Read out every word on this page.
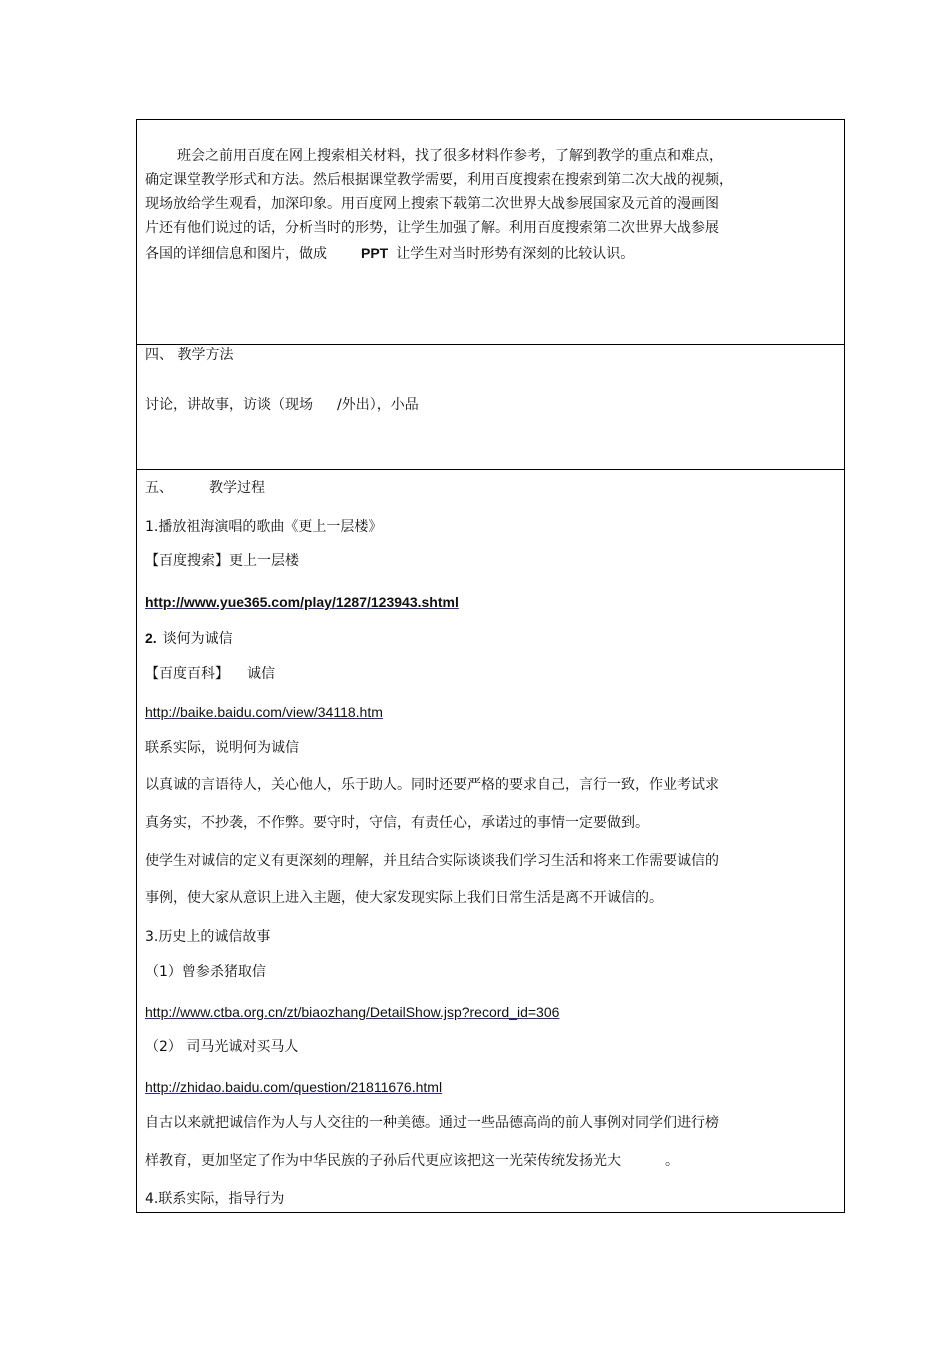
班会之前用百度在网上搜索相关材料，找了很多材料作参考，了解到教学的重点和难点，
确定课堂教学形式和方法。然后根据课堂教学需要，利用百度搜索在搜索到第二次大战的视频，
现场放给学生观看，加深印象。用百度网上搜索下载第二次世界大战参展国家及元首的漫画图
片还有他们说过的话，分析当时的形势，让学生加强了解。利用百度搜索第二次世界大战参展
各国的详细信息和图片，做成 PPT 让学生对当时形势有深刻的比较认识。
四、 教学方法
讨论，讲故事，访谈（现场 /外出），小品
五、	教学过程
1.播放祖海演唱的歌曲《更上一层楼》
【百度搜索】更上一层楼
http://www.yue365.com/play/1287/123943.shtml
2. 谈何为诚信
【百度百科】 诚信
http://baike.baidu.com/view/34118.htm
联系实际，说明何为诚信
以真诚的言语待人，关心他人，乐于助人。同时还要严格的要求自己，言行一致，作业考试求
真务实，不抄袭，不作弊。要守时，守信，有责任心，承诺过的事情一定要做到。
使学生对诚信的定义有更深刻的理解，并且结合实际谈谈我们学习生活和将来工作需要诚信的
事例，使大家从意识上进入主题，使大家发现实际上我们日常生活是离不开诚信的。
3.历史上的诚信故事
（1）曾参杀猪取信
http://www.ctba.org.cn/zt/biaozhang/DetailShow.jsp?record_id=306
（2） 司马光诚对买马人
http://zhidao.baidu.com/question/21811676.html
自古以来就把诚信作为人与人交往的一种美德。通过一些品德高尚的前人事例对同学们进行榜
样教育，更加坚定了作为中华民族的子孙后代更应该把这一光荣传统发扬光大	。
4.联系实际，指导行为
